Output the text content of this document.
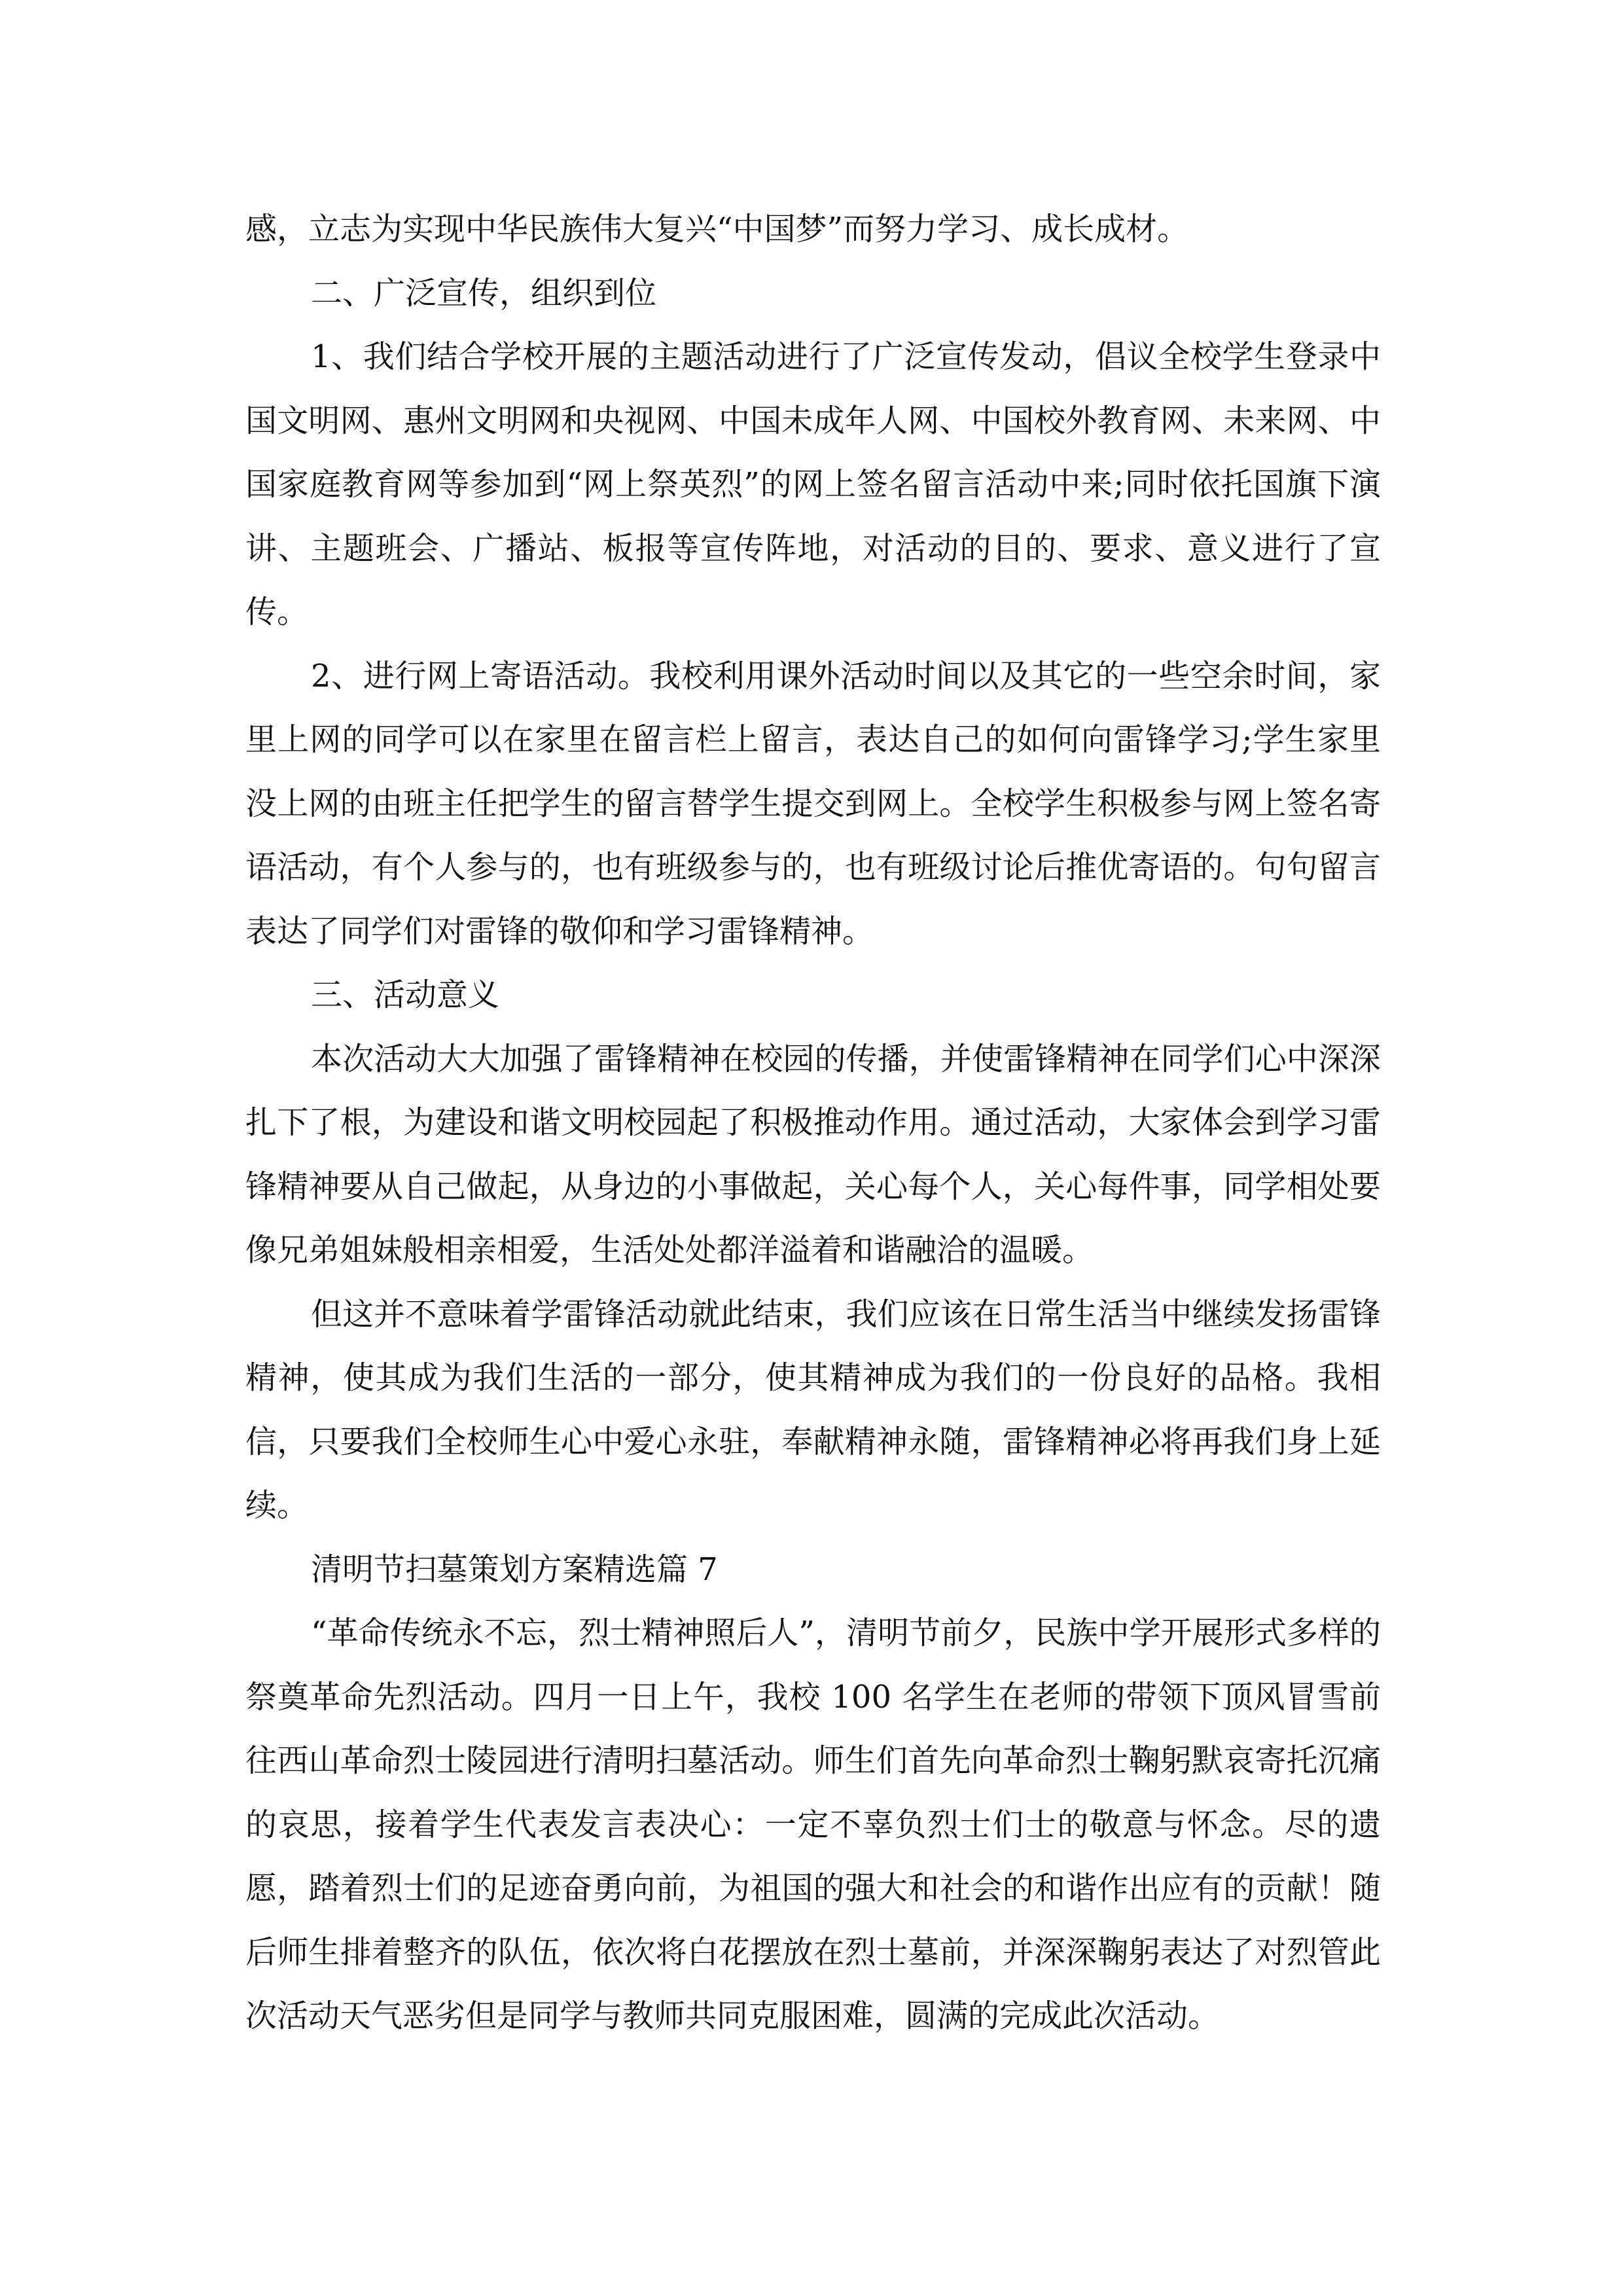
感，立志为实现中华民族伟大复兴“中国梦”而努力学习、成长成材。

二、广泛宣传，组织到位

1、我们结合学校开展的主题活动进行了广泛宣传发动，倡议全校学生登录中国文明网、惠州文明网和央视网、中国未成年人网、中国校外教育网、未来网、中国家庭教育网等参加到“网上祭英烈”的网上签名留言活动中来;同时依托国旗下演讲、主题班会、广播站、板报等宣传阵地，对活动的目的、要求、意义进行了宣传。

2、进行网上寄语活动。我校利用课外活动时间以及其它的一些空余时间，家里上网的同学可以在家里在留言栏上留言，表达自己的如何向雷锋学习;学生家里没上网的由班主任把学生的留言替学生提交到网上。全校学生积极参与网上签名寄语活动，有个人参与的，也有班级参与的，也有班级讨论后推优寄语的。句句留言表达了同学们对雷锋的敬仰和学习雷锋精神。

三、活动意义

本次活动大大加强了雷锋精神在校园的传播，并使雷锋精神在同学们心中深深扎下了根，为建设和谐文明校园起了积极推动作用。通过活动，大家体会到学习雷锋精神要从自己做起，从身边的小事做起，关心每个人，关心每件事，同学相处要像兄弟姐妹般相亲相爱，生活处处都洋溢着和谐融洽的温暖。

但这并不意味着学雷锋活动就此结束，我们应该在日常生活当中继续发扬雷锋精神，使其成为我们生活的一部分，使其精神成为我们的一份良好的品格。我相信，只要我们全校师生心中爱心永驻，奉献精神永随，雷锋精神必将再我们身上延续。

清明节扫墓策划方案精选篇 7

“革命传统永不忘，烈士精神照后人”，清明节前夕，民族中学开展形式多样的祭奠革命先烈活动。四月一日上午，我校 100 名学生在老师的带领下顶风冒雪前往西山革命烈士陵园进行清明扫墓活动。师生们首先向革命烈士鞠躬默哀寄托沉痛的哀思，接着学生代表发言表决心：一定不辜负烈士们士的敬意与怀念。尽的遗愿，踏着烈士们的足迹奋勇向前，为祖国的强大和社会的和谐作出应有的贡献！随后师生排着整齐的队伍，依次将白花摆放在烈士墓前，并深深鞠躬表达了对烈管此次活动天气恶劣但是同学与教师共同克服困难，圆满的完成此次活动。
